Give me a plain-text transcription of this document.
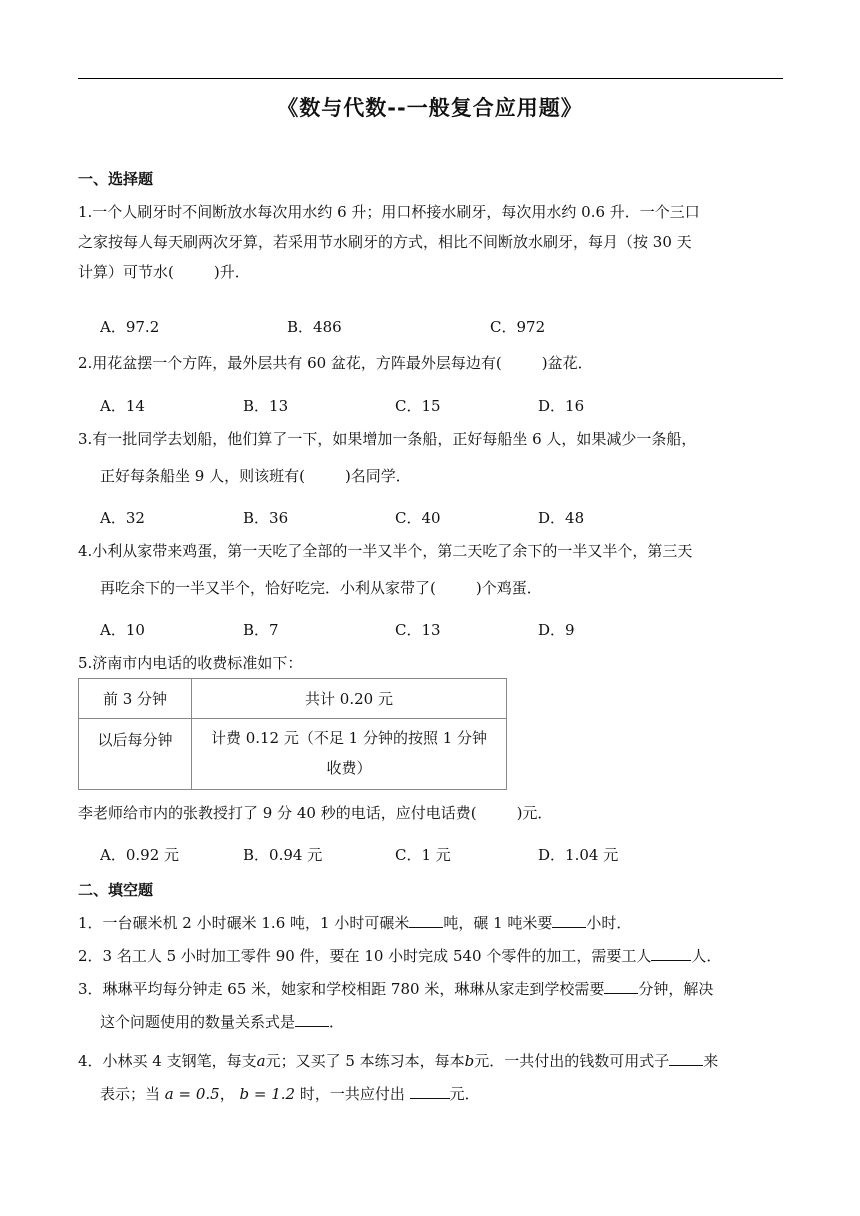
《数与代数--一般复合应用题》
一、选择题
1.一个人刷牙时不间断放水每次用水约 6 升；用口杯接水刷牙，每次用水约 0.6 升．一个三口
之家按每人每天刷两次牙算，若采用节水刷牙的方式，相比不间断放水刷牙，每月（按 30 天
计算）可节水(	)升．
A．97.2	B．486	C．972
2.用花盆摆一个方阵，最外层共有 60 盆花，方阵最外层每边有(	)盆花．
A．14	B．13	C．15	D．16
3.有一批同学去划船，他们算了一下，如果增加一条船，正好每船坐 6 人，如果减少一条船，
正好每条船坐 9 人，则该班有(	)名同学．
A．32	B．36	C．40	D．48
4.小利从家带来鸡蛋，第一天吃了全部的一半又半个，第二天吃了余下的一半又半个，第三天
再吃余下的一半又半个，恰好吃完．小利从家带了(	)个鸡蛋．
A．10	B．7	C．13	D．9
5.济南市内电话的收费标准如下：
前 3 分钟	共计 0.20 元
以后每分钟	计费 0.12 元（不足 1 分钟的按照 1 分钟
收费）
李老师给市内的张教授打了 9 分 40 秒的电话，应付电话费(	)元．
A．0.92 元	B．0.94 元	C．1 元	D．1.04 元
二、填空题
1．一台碾米机 2 小时碾米 1.6 吨，1 小时可碾米 吨，碾 1 吨米要 小时．
2．3 名工人 5 小时加工零件 90 件，要在 10 小时完成 540 个零件的加工，需要工人	人．
3．琳琳平均每分钟走 65 米，她家和学校相距 780 米，琳琳从家走到学校需要 分钟，解决
这个问题使用的数量关系式是 ．
4．小林买 4 支钢笔，每支a元；又买了 5 本练习本，每本b元．一共付出的钱数可用式子 来
表示；当 a = 0.5， b = 1.2 时，一共应付出	元．
